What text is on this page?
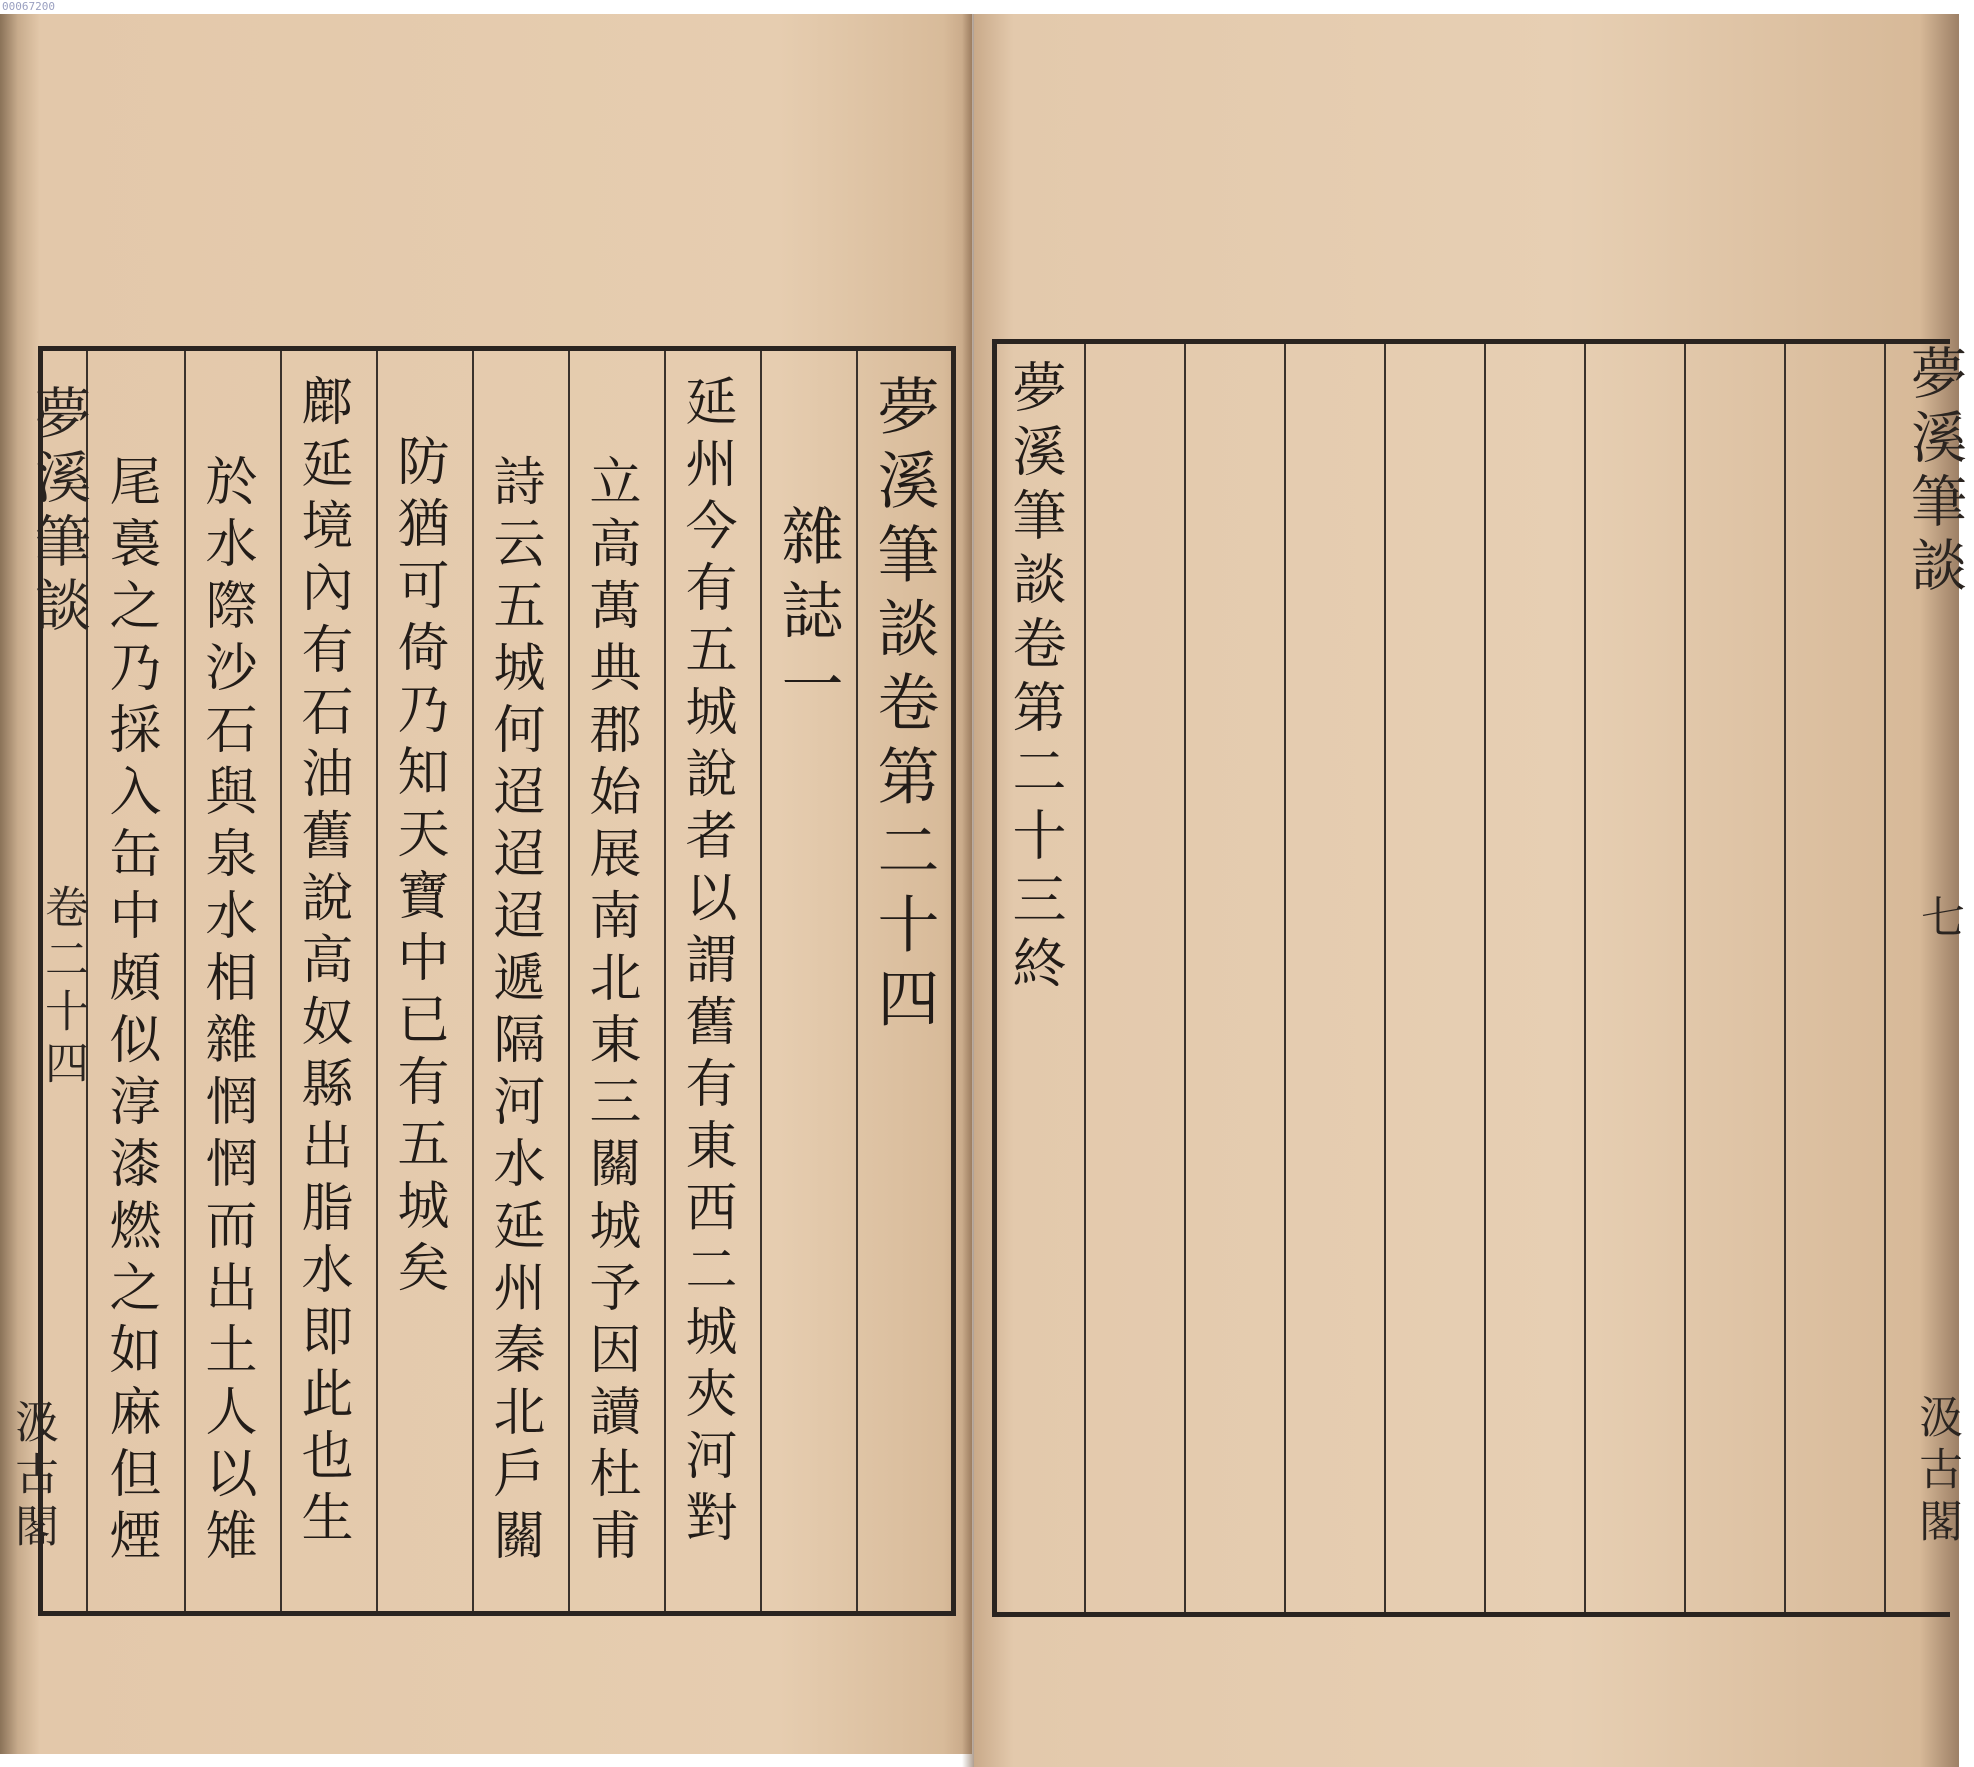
00067200
夢溪筆談
卷二十四
汲古閣
夢溪筆談卷第二十四
雜誌一
延州今有五城說者以謂舊有東西二城夾河對
立高萬典郡始展南北東三關城予因讀杜甫
詩云五城何迢迢迢遞隔河水延州秦北戶關
防猶可倚乃知天寶中已有五城矣
鄜延境內有石油舊說高奴縣出脂水即此也生
於水際沙石與泉水相雜惘惘而出土人以雉
尾裛之乃採入缶中頗似淳漆燃之如麻但煙	夢溪筆談卷第二十三終	夢溪筆談
七
汲古閣
